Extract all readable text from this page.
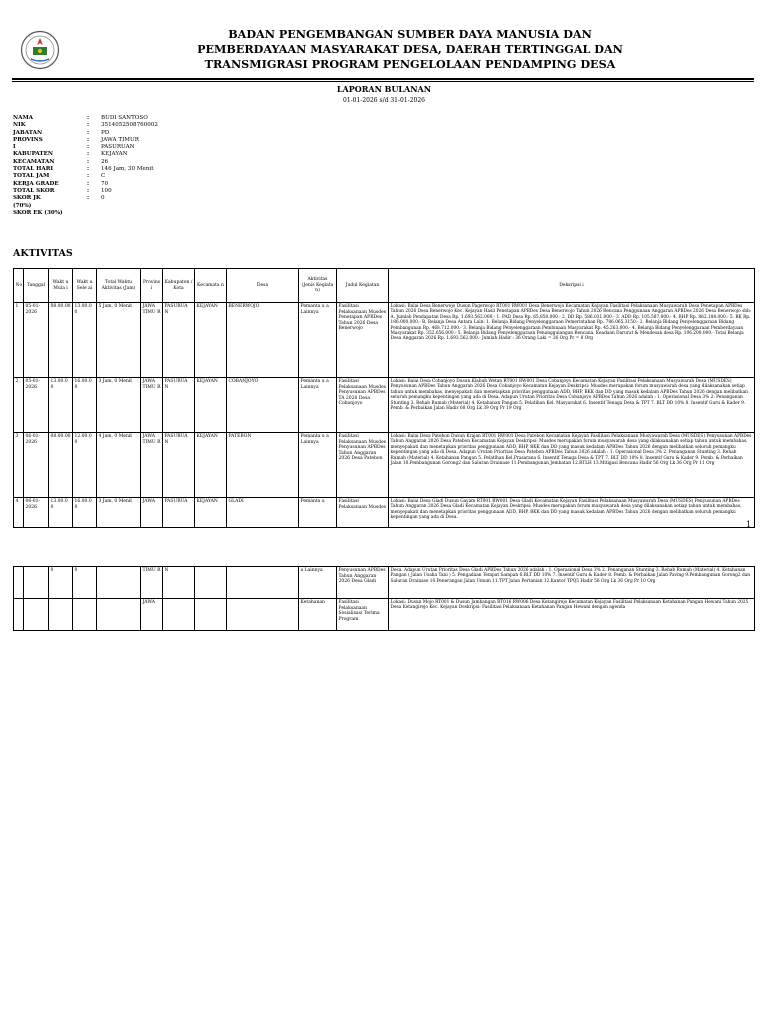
BADAN PENGEMBANGAN SUMBER DAYA MANUSIA DAN
PEMBERDAYAAN MASYARAKAT DESA, DAERAH TERTINGGAL DAN
TRANSMIGRASI PROGRAM PENGELOLAAN PENDAMPING DESA
LAPORAN BULANAN
01-01-2026 s/d 31-01-2026
NAMA	:	BUDI SANTOSO
NIK	:	3514052508760002
JABATAN	:	PD
PROVINS	:	JAWA TIMUR
I	:	PASURUAN
KABUPATEN	:	KEJAYAN
KECAMATAN	:	26
TOTAL HARI	:	146 Jam, 30 Menit
TOTAL JAM	:	C
KERJA GRADE	:	70
TOTAL SKOR	:	100
SKOR JK	:	0
(70%)
SKOR EK (30%)
AKTIVITAS
No	Tanggal	Wakt u Mula i	Wakt u Sele ai	Total Waktu Aktivitas (Jam)	Provins i	Kabupaten / Kota	Kecamata n	Desa	Aktivitas (Jenis Kegiata n)	Judul Kegiatan	Deksripsi i
1	05-01-2026	08.00.00	13.00.0 0	5 Jam, 0 Menit	JAWA TIMU R	PASURUA N	KEJAYAN	BENERWOJO	Pemanta u a Lainnya	Fasilitasi Pelaksanaan Musdes Penetapan APBDes Tahun 2026 Desa Benerwojo	Lokasi: Balai Desa Benerwojo Dusun Pagerwojo RT001 RW001 Desa Benerwojo Kecamatan Kejayan Fasilitasi Pelaksanaan Musyawarah Desa Penetapan APBDes Tahun 2026 Desa Benerwojo Kec. Kejayan Hasil Penetapan APBDes Desa Benerwojo Tahun 2026 Rencana Penggunaan Anggaran APBDes 2026 Desa Benerwojo sbb: A. Jumlah Pendapatan Desa Rp. 1.693.562.000.- 1. PAD Desa Rp. 65.850.000.- 2. DD Rp. 586.031.000.- 3. ADD Rp. 105.587.000.- 4. BHP Rp. 862.184.000.- 5. BK Rp. 186.000.000.- B. Belanja Desa Antara Lain: 1. Belanja Bidang Penyelenggaraan Pemerintahan Rp. 786.065.3150.- 2. Belanja Bidang Penyelenggaraan Bidang Pembangunan Rp. 468.712.000.- 3. Belanja Bidang Penyelenggaraan Pembinaan Masyarakat Rp. 45.263.000.- 4. Belanja Bidang Penyelenggaraan Pemberdayaan Masyarakat Rp. 352.656.000.- 5. Belanja Bidang Penyelenggaraan Penanggulangan Bencana, Keadaan Darurat & Mendesak desa Rp. 106.200.000.- Total Belanja Desa Anggaran 2026 Rp. 1.693.562.000.- Jumlah Hadir : 36 Orang Laki = 26 Org Pr = 8 Org
2	05-01-2026	13.00.0 0	16.00.0 0	3 Jam, 0 Menit	JAWA TIMU R	PASURUA N	KEJAYAN	COBANJOYO	Pemanta u a Lainnya	Fasilitasi Pelaksanaan Musdes Penyusunan APBDes TA 2026 Desa Cobanjoyo	Lokasi: Balai Desa Cobanjoyo Dusun Klabuh Wetan RT001 RW001 Desa Cobanjoyo Kecamatan Kejayan Fasilitasi Pelaksanaan Musyawarah Desa (MUSDES) Penyusunan APBDes Tahun Anggaran 2026 Desa Cobanjoyo Kecamatan Kejayan Deskripsi: Musdes merupakan forum musyawarah desa yang dilaksanakan setiap tahun untuk membahas, menyepakati dan menetapkan prioritas penggunaan ADD, BHP, BKK dan DD yang masuk kedalam APBDes Tahun 2026 dengan melibatkan seluruh pemangku kepentingan yang ada di Desa. Adapun Urutan Prioritas Desa Cobanjoyo APBDes Tahun 2026 adalah : 1. Operasional Desa 3% 2. Penanganan Stunting 3. Rehab Rumah (Material) 4. Ketahanan Pangan 5. Pelatihan Kel. Masyarakat 6. Insentif Tenaga Desa & TPT 7. BLT DD 10% 8. Insentif Guru & Kader 9. Pemb. & Perbaikan Jalan Hadir 68 Org Lk 39 Org Pr 19 Org
3	06-01-2026	08.00.00	12.00.0 0	4 Jam, 0 Menit	JAWA TIMU R	PASURUA N	KEJAYAN	PATEBON	Pemanta u a Lainnya	Fasilitasi Pelaksanaan Musdes Penyusunan APBDes Tahun Anggaran 2026 Desa Patebon	Lokasi: Balai Desa Patebon Dusun Krajan RT001 RW001 Desa Patebon Kecamatan Kejayan Fasilitasi Pelaksanaan Musyawarah Desa (MUSDES) Penyusunan APBDes Tahun Anggaran 2026 Desa Patebon Kecamatan Kejayan Deskripsi: Musdes merupakan forum musyawarah desa yang dilaksanakan setiap tahun untuk membahas, menyepakati dan menetapkan prioritas penggunaan ADD, BHP, BKK dan DD yang masuk kedalam APBDes Tahun 2026 dengan melibatkan seluruh pemangku kepentingan yang ada di Desa. Adapun Urutan Prioritas Desa Patebon APBDes Tahun 2026 adalah : 1. Operasional Desa 3% 2. Penanganan Stunting 3. Rehab Rumah (Material) 4. Ketahanan Pangan 5. Pelatihan Kel.Prasarana 6. Insentif Tenaga Desa & TPT 7. BLT DD 10% 8. Insentif Guru & Kader 9. Pemb. & Perbaikan Jalan 10.Pembangunan Gorong2 dan Saluran Drainase 11.Pembangunan Jembatan 12.RTLH 13.Mitigasi Bencana Hadir 56 Org Lk 36 Org Pr 11 Org
4	06-01-2026	13.00.0 0	16.00.0 0	3 Jam, 0 Menit	JAWA	PASURUA	KEJAYAN	GLADI	Pemanta u	Fasilitasi Pelaksanaan Musdes	Lokasi: Balai Desa Gladi Dusun Gayam RT001 RW001 Desa Gladi Kecamatan Kejayan Fasilitasi Pelaksanaan Musyawarah Desa (MUSDES) Penyusunan APBDes Tahun Anggaran 2026 Desa Gladi Kecamatan Kejayan Deskripsi: Musdes merupakan forum musyawarah desa yang dilaksanakan setiap tahun untuk membahas, menyepakati dan menetapkan prioritas penggunaan ADD, BHP, BKK dan DD yang masuk kedalam APBDes Tahun 2026 dengan melibatkan seluruh pemangku kepentingan yang ada di Desa.
1
		0	0		TIMU R	N			a Lainnya	Penyusunan APBDes Tahun Anggaran 2026 Desa Gladi	Desa. Adapun Urutan Prioritas Desa Gladi APBDes Tahun 2026 adalah : 1. Operasional Desa 3% 2. Penanganan Stunting 3. Rehab Rumah (Material) 4. Ketahanan Pangan ( Jalan Usaha Tani ) 5. Pengadaan Tempat Sampah 6.BLT DD 10% 7. Insentif Guru & Kader 8. Pemb. & Perbaikan Jalan Paving 9.Pembangunan Gorong2 dan Saluran Drainase 10.Penerangan Jalan Umum 11.TPT Jalan Pertanian 12.Kantor TPQ5 Hadir 56 Org Lk 36 Org Pr 10 Org
					JAWA				Ketahanan	Fasilitasi Pelaksanaan Sosialisasi Terima Program	Lokasi: Dusun Mojo RT001 & Dusun Jambangan RT016 RW006 Desa Ketangirejo Kecamatan Kejayan Fasilitasi Pelaksanaan Ketahanan Pangan Hewani Tahun 2025 Desa Ketangirejo Kec. Kejayan Deskripsi: Fasilitasi Pelaksanaan Ketahanan Pangan Hewani dengan agenda
